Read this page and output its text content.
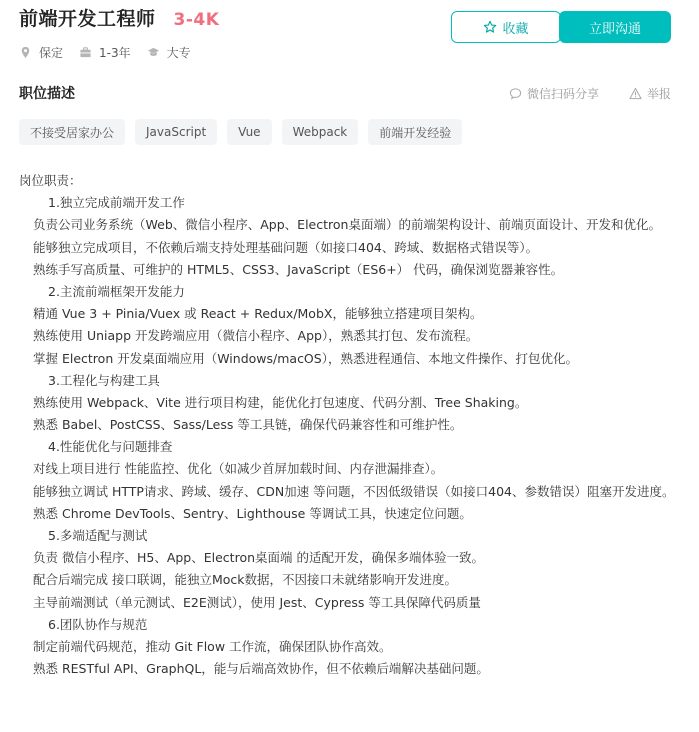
前端开发工程师 3-4K
保定	1-3年	大专
收藏	立即沟通
职位描述	微信扫码分享	举报
不接受居家办公	JavaScript	Vue	Webpack	前端开发经验
岗位职责：
1.独立完成前端开发工作
负责公司业务系统（Web、微信小程序、App、Electron桌面端）的前端架构设计、前端页面设计、开发和优化。
能够独立完成项目，不依赖后端支持处理基础问题（如接口404、跨域、数据格式错误等）。
熟练手写高质量、可维护的 HTML5、CSS3、JavaScript（ES6+） 代码，确保浏览器兼容性。
2.主流前端框架开发能力
精通 Vue 3 + Pinia/Vuex 或 React + Redux/MobX，能够独立搭建项目架构。
熟练使用 Uniapp 开发跨端应用（微信小程序、App），熟悉其打包、发布流程。
掌握 Electron 开发桌面端应用（Windows/macOS），熟悉进程通信、本地文件操作、打包优化。
3.工程化与构建工具
熟练使用 Webpack、Vite 进行项目构建，能优化打包速度、代码分割、Tree Shaking。
熟悉 Babel、PostCSS、Sass/Less 等工具链，确保代码兼容性和可维护性。
4.性能优化与问题排查
对线上项目进行 性能监控、优化（如减少首屏加载时间、内存泄漏排查）。
能够独立调试 HTTP请求、跨域、缓存、CDN加速 等问题，不因低级错误（如接口404、参数错误）阻塞开发进度。
熟悉 Chrome DevTools、Sentry、Lighthouse 等调试工具，快速定位问题。
5.多端适配与测试
负责 微信小程序、H5、App、Electron桌面端 的适配开发，确保多端体验一致。
配合后端完成 接口联调，能独立Mock数据，不因接口未就绪影响开发进度。
主导前端测试（单元测试、E2E测试），使用 Jest、Cypress 等工具保障代码质量
6.团队协作与规范
制定前端代码规范，推动 Git Flow 工作流，确保团队协作高效。
熟悉 RESTful API、GraphQL，能与后端高效协作，但不依赖后端解决基础问题。
